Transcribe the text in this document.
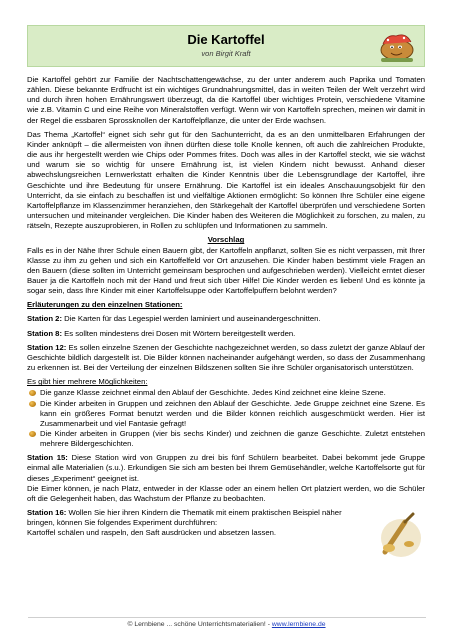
Die Kartoffel
von Birgit Kraft

Die Kartoffel gehört zur Familie der Nachtschattengewächse, zu der unter anderem auch Paprika und Tomaten zählen. Diese bekannte Erdfrucht ist ein wichtiges Grundnahrungsmittel, das in weiten Teilen der Welt verzehrt wird und durch ihren hohen Ernährungswert überzeugt, da die Kartoffel über wichtiges Protein, verschiedene Vitamine wie z.B. Vitamin C und eine Reihe von Mineralstoffen verfügt. Wenn wir von Kartoffeln sprechen, meinen wir damit in der Regel die essbaren Sprossknollen der Kartoffelpflanze, die unter der Erde wachsen.

Das Thema „Kartoffel“ eignet sich sehr gut für den Sachunterricht, da es an den unmittelbaren Erfahrungen der Kinder anknüpft – die allermeisten von ihnen dürften diese tolle Knolle kennen, oft auch die zahlreichen Produkte, die aus ihr hergestellt werden wie Chips oder Pommes frites. Doch was alles in der Kartoffel steckt, wie sie wächst und warum sie so wichtig für unsere Ernährung ist, ist vielen Kindern nicht bewusst. Anhand dieser abwechslungsreichen Lernwerkstatt erhalten die Kinder Kenntnis über die Lebensgrundlage der Kartoffel, ihre Geschichte und ihre Bedeutung für unsere Ernährung. Die Kartoffel ist ein ideales Anschauungsobjekt für den Unterricht, da sie einfach zu beschaffen ist und vielfältige Aktionen ermöglicht: So können Ihre Schüler eine eigene Kartoffelpflanze im Klassenzimmer heranziehen, den Stärkegehalt der Kartoffel überprüfen und verschiedene Sorten untersuchen und miteinander vergleichen. Die Kinder haben des Weiteren die Möglichkeit zu forschen, zu malen, zu rätseln, Rezepte auszuprobieren, in Rollen zu schlüpfen und Informationen zu sammeln.

Vorschlag

Falls es in der Nähe Ihrer Schule einen Bauern gibt, der Kartoffeln anpflanzt, sollten Sie es nicht verpassen, mit Ihrer Klasse zu ihm zu gehen und sich ein Kartoffelfeld vor Ort anzusehen. Die Kinder haben bestimmt viele Fragen an den Bauern (diese sollten im Unterricht gemeinsam besprochen und aufgeschrieben werden). Vielleicht erntet dieser Bauer ja die Kartoffeln noch mit der Hand und freut sich über Hilfe! Die Kinder werden es lieben! Und es könnte ja sogar sein, dass Ihre Kinder mit einer Kartoffelsuppe oder Kartoffelpuffern belohnt werden?

Erläuterungen zu den einzelnen Stationen:

Station 2: Die Karten für das Legespiel werden laminiert und auseinandergeschnitten.

Station 8: Es sollten mindestens drei Dosen mit Wörtern bereitgestellt werden.

Station 12: Es sollen einzelne Szenen der Geschichte nachgezeichnet werden, so dass zuletzt der ganze Ablauf der Geschichte bildlich dargestellt ist. Die Bilder können nacheinander aufgehängt werden, so dass der Zusammenhang zu erkennen ist. Bei der Verteilung der einzelnen Bildszenen sollten Sie ihre Schüler organisatorisch unterstützen.

Es gibt hier mehrere Möglichkeiten:

Die ganze Klasse zeichnet einmal den Ablauf der Geschichte. Jedes Kind zeichnet eine kleine Szene.
Die Kinder arbeiten in Gruppen und zeichnen den Ablauf der Geschichte. Jede Gruppe zeichnet eine Szene. Es kann ein größeres Format benutzt werden und die Bilder können reichlich ausgeschmückt werden. Hier ist Zusammenarbeit und viel Fantasie gefragt!
Die Kinder arbeiten in Gruppen (vier bis sechs Kinder) und zeichnen die ganze Geschichte. Zuletzt entstehen mehrere Bildergeschichten.

Station 15: Diese Station wird von Gruppen zu drei bis fünf Schülern bearbeitet. Dabei bekommt jede Gruppe einmal alle Materialien (s.u.). Erkundigen Sie sich am besten bei Ihrem Gemüsehändler, welche Kartoffelsorte gut für dieses „Experiment“ geeignet ist.

Die Eimer können, je nach Platz, entweder in der Klasse oder an einem hellen Ort platziert werden, wo die Schüler oft die Gelegenheit haben, das Wachstum der Pflanze zu beobachten.

Station 16: Wollen Sie hier ihren Kindern die Thematik mit einem praktischen Beispiel näher bringen, können Sie folgendes Experiment durchführen:

Kartoffel schälen und raspeln, den Saft ausdrücken und absetzen lassen.

© Lernbiene ... schöne Unterrichtsmaterialien! - www.lernbiene.de
